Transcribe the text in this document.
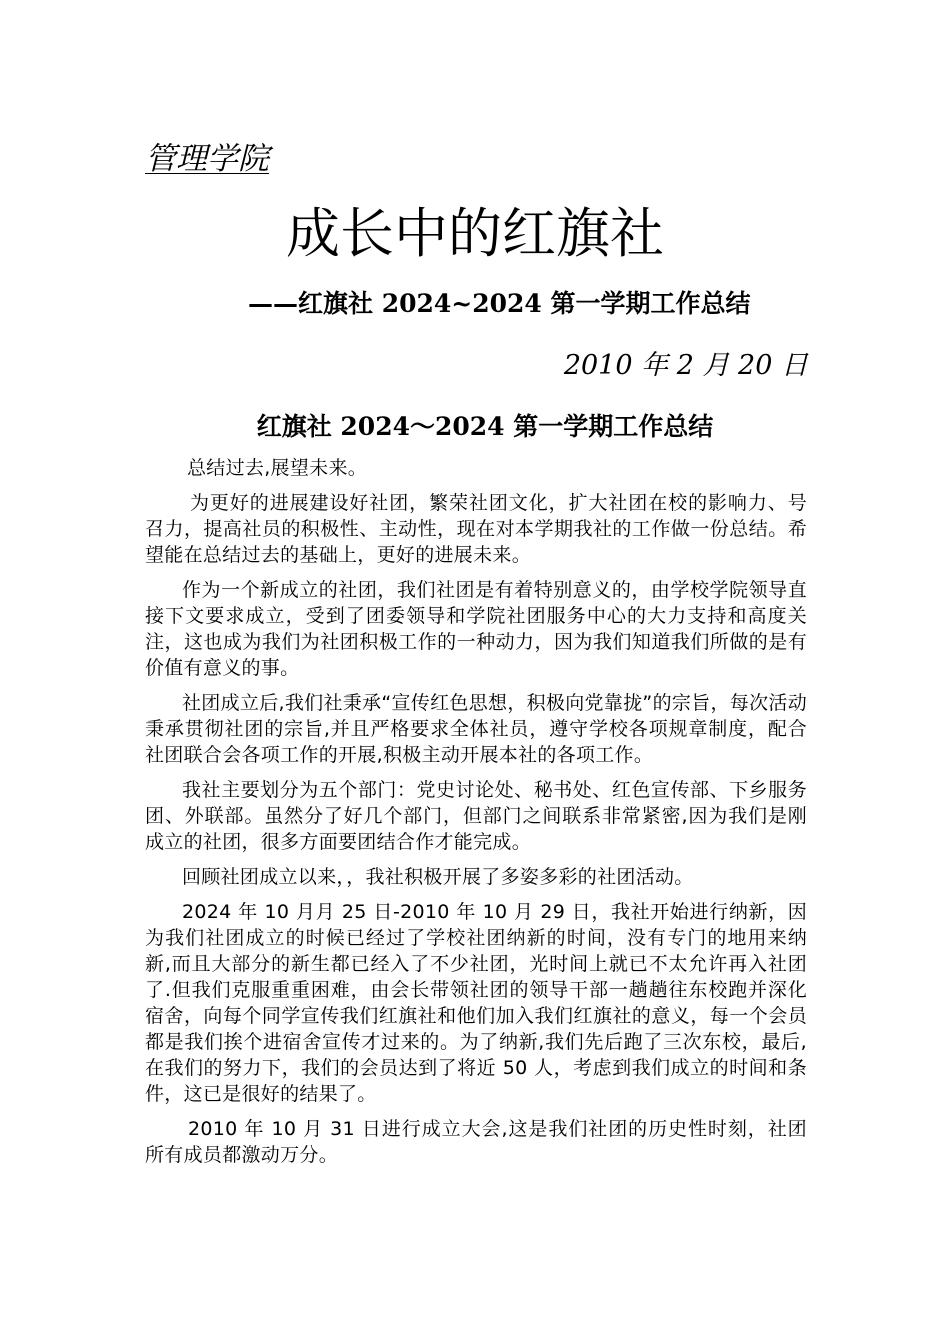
管理学院
成长中的红旗社
——红旗社 2024~2024 第一学期工作总结
2010 年 2 月 20 日
红旗社 2024～2024 第一学期工作总结

总结过去,展望未来。

为更好的进展建设好社团，繁荣社团文化，扩大社团在校的影响力、号召力，提高社员的积极性、主动性，现在对本学期我社的工作做一份总结。希望能在总结过去的基础上，更好的进展未来。

作为一个新成立的社团，我们社团是有着特别意义的，由学校学院领导直接下文要求成立，受到了团委领导和学院社团服务中心的大力支持和高度关注，这也成为我们为社团积极工作的一种动力，因为我们知道我们所做的是有价值有意义的事。

社团成立后,我们社秉承“宣传红色思想，积极向党靠拢”的宗旨，每次活动秉承贯彻社团的宗旨,并且严格要求全体社员，遵守学校各项规章制度，配合社团联合会各项工作的开展,积极主动开展本社的各项工作。

我社主要划分为五个部门：党史讨论处、秘书处、红色宣传部、下乡服务团、外联部。虽然分了好几个部门，但部门之间联系非常紧密,因为我们是刚成立的社团，很多方面要团结合作才能完成。

回顾社团成立以来，，我社积极开展了多姿多彩的社团活动。

2024 年 10 月月 25 日-2010 年 10 月 29 日，我社开始进行纳新，因为我们社团成立的时候已经过了学校社团纳新的时间，没有专门的地用来纳新,而且大部分的新生都已经入了不少社团，光时间上就已不太允许再入社团了.但我们克服重重困难，由会长带领社团的领导干部一趟趟往东校跑并深化宿舍，向每个同学宣传我们红旗社和他们加入我们红旗社的意义，每一个会员都是我们挨个进宿舍宣传才过来的。为了纳新,我们先后跑了三次东校，最后,在我们的努力下，我们的会员达到了将近 50 人，考虑到我们成立的时间和条件，这已是很好的结果了。

2010 年 10 月 31 日进行成立大会,这是我们社团的历史性时刻，社团所有成员都激动万分。
